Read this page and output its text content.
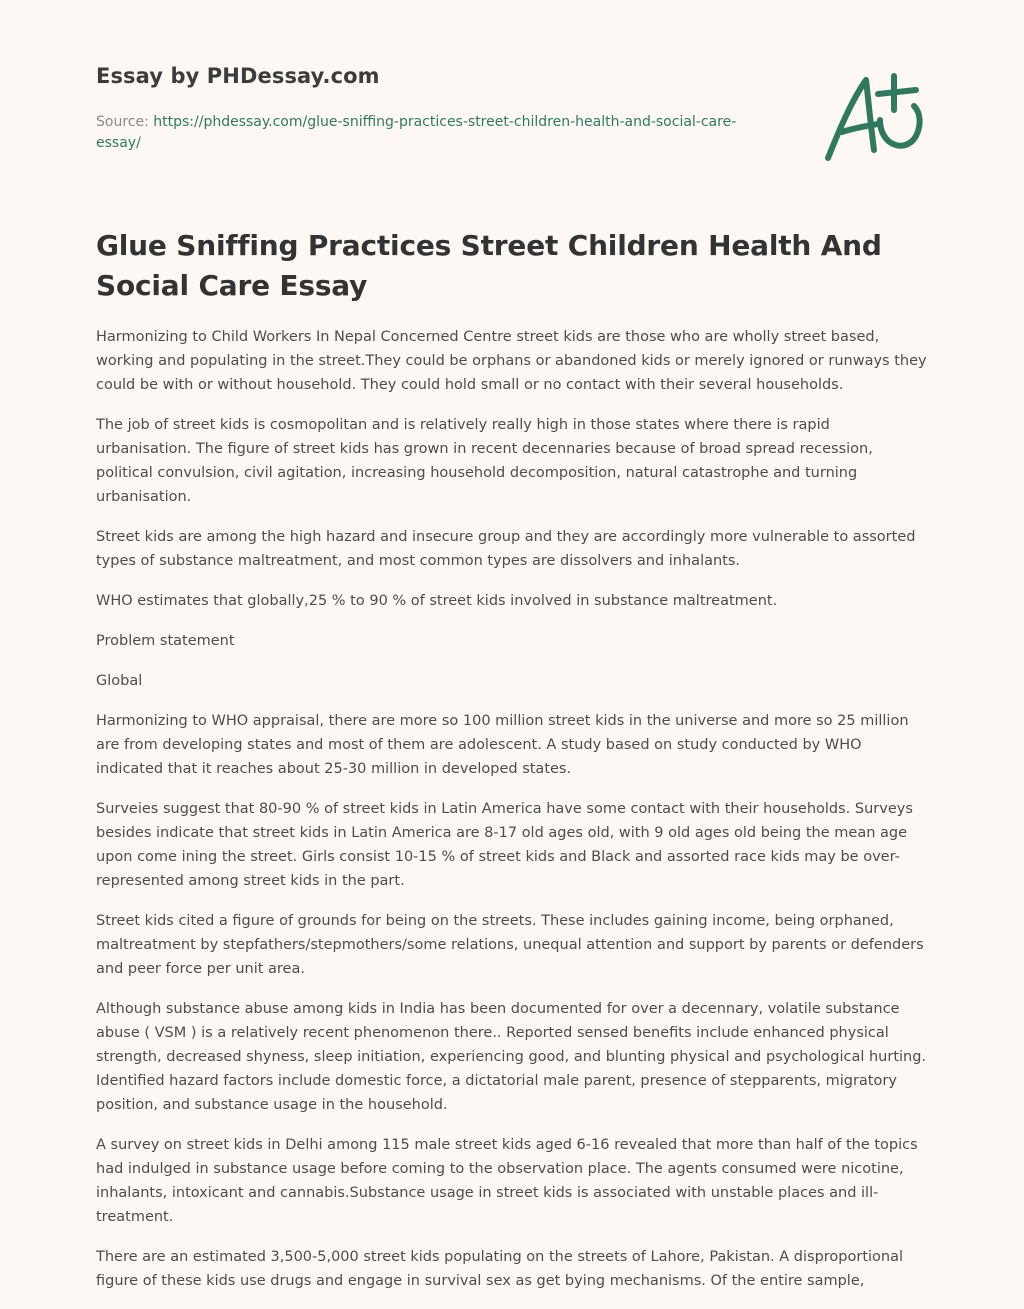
Essay by PHDessay.com
Source: https://phdessay.com/glue-sniffing-practices-street-children-health-and-social-care-essay/
Glue Sniffing Practices Street Children Health And Social Care Essay

Harmonizing to Child Workers In Nepal Concerned Centre street kids are those who are wholly street based, working and populating in the street.They could be orphans or abandoned kids or merely ignored or runways they could be with or without household. They could hold small or no contact with their several households.

The job of street kids is cosmopolitan and is relatively really high in those states where there is rapid urbanisation. The figure of street kids has grown in recent decennaries because of broad spread recession, political convulsion, civil agitation, increasing household decomposition, natural catastrophe and turning urbanisation.

Street kids are among the high hazard and insecure group and they are accordingly more vulnerable to assorted types of substance maltreatment, and most common types are dissolvers and inhalants.

WHO estimates that globally,25 % to 90 % of street kids involved in substance maltreatment.

Problem statement

Global

Harmonizing to WHO appraisal, there are more so 100 million street kids in the universe and more so 25 million are from developing states and most of them are adolescent. A study based on study conducted by WHO indicated that it reaches about 25-30 million in developed states.

Surveies suggest that 80-90 % of street kids in Latin America have some contact with their households. Surveys besides indicate that street kids in Latin America are 8-17 old ages old, with 9 old ages old being the mean age upon come ining the street. Girls consist 10-15 % of street kids and Black and assorted race kids may be over-represented among street kids in the part.

Street kids cited a figure of grounds for being on the streets. These includes gaining income, being orphaned, maltreatment by stepfathers/stepmothers/some relations, unequal attention and support by parents or defenders and peer force per unit area.

Although substance abuse among kids in India has been documented for over a decennary, volatile substance abuse ( VSM ) is a relatively recent phenomenon there.. Reported sensed benefits include enhanced physical strength, decreased shyness, sleep initiation, experiencing good, and blunting physical and psychological hurting. Identified hazard factors include domestic force, a dictatorial male parent, presence of stepparents, migratory position, and substance usage in the household.

A survey on street kids in Delhi among 115 male street kids aged 6-16 revealed that more than half of the topics had indulged in substance usage before coming to the observation place. The agents consumed were nicotine, inhalants, intoxicant and cannabis.Substance usage in street kids is associated with unstable places and ill-treatment.

There are an estimated 3,500-5,000 street kids populating on the streets of Lahore, Pakistan. A disproportional figure of these kids use drugs and engage in survival sex as get bying mechanisms. Of the entire sample,
